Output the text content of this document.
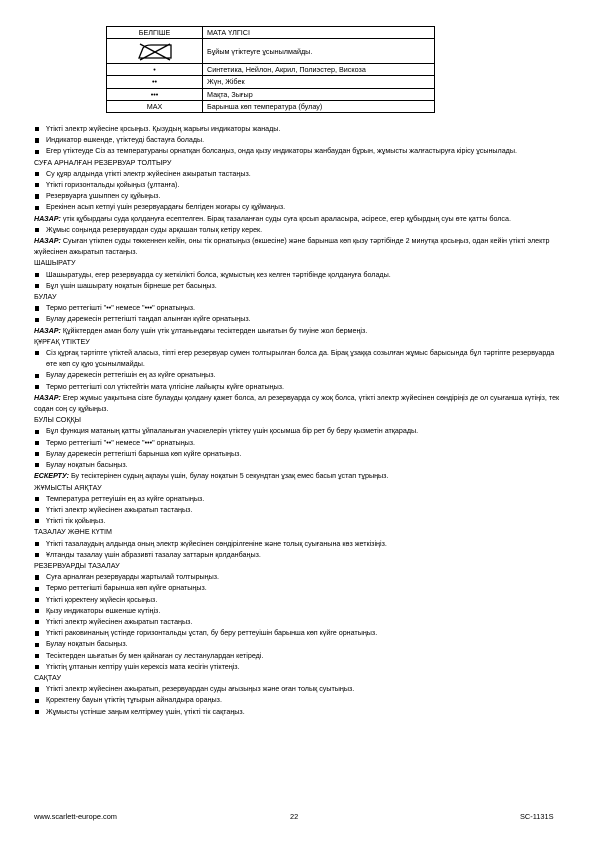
БЕЛГІШЕ	МАТА ҮЛГІСІ

	Бұйым үтіктеуге ұсынылмайды.
•	Синтетика, Нейлон, Акрил, Полиэстер, Вискоза
••	Жүн, Жібек
•••	Мақта, Зығыр
MAX	Барынша көп температура (булау)
Үтікті электр жүйесіне қосыңыз. Қызудың жарығы индикаторы жанады.
Индикатор өшкенде, үтіктеуді бастауға болады.
Егер үтіктеуде Сіз аз температураны орнатқан болсаңыз, онда қызу индикаторы жанбаудан бұрын, жұмысты жалғастыруға кірісу ұсынылады.
СУҒА АРНАЛҒАН РЕЗЕРВУАР ТОЛТЫРУ
Су құяр алдында үтікті электр жүйесінен ажыратып тастаңыз.
Үтікті горизонтальды қойыңыз (ұлтанға).
Резервуарға ұшыппен су құйыңыз.
Ерекінен асып кетпуі үшін резервуардағы белгіден жоғары су құймаңыз.
НАЗАР: үтік құбырдағы суда қолдануға есептелген. Бірақ тазаланған суды суға қосып араласыра, әсіресе, егер құбырдың суы өте қатты болса.
Жұмыс соңында резервуардан суды арқашан толық кетіру керек.
НАЗАР: Суыған үтікпен суды төккеннен кейін, оны тік орнатыңыз (өкшесіне) және барынша көп қызу тәртібінде 2 минутқа қосыңыз, одан кейін үтікті электр жүйесінен ажыратып тастаңыз.
ШАШЫРАТУ
Шашыратуды, егер резервуарда су жеткілікті болса, жұмыстың кез келген тәртібінде қолдануға болады.
Бұл үшін шашырату ноқатын бірнеше рет басыңыз.
БУЛАУ
Термо реттегішті "••" немесе "•••" орнатыңыз.
Булау дәрежесін реттегішті таңдап алынған күйге орнатыңыз.
НАЗАР: Құйіктерден аман болу үшін үтік ұлтанындағы тесіктерден шығатын бу тиуіне жол бермеңіз.
ҚҰРҒАҚ ҮТІКТЕУ
Сіз құрғақ тәртіпте үтіктей аласыз, тіпті егер резервуар сумен толтырылған болса да. Бірақ ұзаққа созылған жұмыс барысында бұл тәртіпте резервуарда өте көп су құю ұсынылмайды.
Булау дәрежесін реттегішін ең аз күйге орнатыңыз.
Термо реттегішті сол үтіктейтін мата үлгісіне лайықты күйге орнатыңыз.
НАЗАР: Егер жұмыс уақытына сізге булауды қолдану қажет болса, ал резервуарда су жоқ болса, үтікті электр жүйесінен сөндіріңіз де ол суығанша күтіңіз, тек содан соң су құйыңыз.
БУЛЫ СОҚҚЫ
Бұл функция матаның қатты ұйпаланыған учаскелерін үтіктеу үшін қосымша бір рет бу беру қызметін атқарады.
Термо реттегішті "••" немесе "•••" орнатыңыз.
Булау дәрежесін реттегішті барынша көп күйге орнатыңыз.
Булау ноқатын басыңыз.
ЕСКЕРТУ: Бу тесіктерінен судың ақпауы үшін, булау ноқатын 5 секундтан ұзақ емес басып ұстап тұрыңыз.
ЖҰМЫСТЫ АЯҚТАУ
Температура реттеуішін ең аз күйге орнатыңыз.
Үтікті электр жүйесінен ажыратып тастаңыз.
Үтікті тік қойыңыз.
ТАЗАЛАУ ЖӘНЕ КҮТІМ
Үтікті тазалаудың алдында оның электр жүйесінен сөндірілгеніне және толық суығанына көз жеткізіңіз.
Ұлтанды тазалау үшін абразивті тазалау заттарын қолданбаңыз.
РЕЗЕРВУАРДЫ ТАЗАЛАУ
Суға арналған резервуарды жартылай толтырыңыз.
Термо реттегішті барынша көп күйге орнатыңыз.
Үтікті қоректену жүйесін қосыңыз.
Қызу индикаторы өшкенше күтіңіз.
Үтікті электр жүйесінен ажыратып тастаңыз.
Үтікті раковинаның үстінде горизонтальды ұстап, бу беру реттеуішін барынша көп күйге орнатыңыз.
Булау ноқатын басыңыз.
Тесіктерден шығатын бу мен қайнаған су лестанулардан кетіреді.
Үтіктің ұлтанын кептіру үшін керексіз мата кесігін үтіктеңіз.
САҚТАУ
Үтікті электр жүйесінен ажыратып, резервуардан суды ағызыңыз және оған толық суытыңыз.
Қоректену бауын үтіктің тұғырын айналдыра ораңыз.
Жұмысты үстінше заңым келтірмеу үшін, үтікті тік сақтаңыз.
www.scarlett-europe.com	22	SC-1131S
